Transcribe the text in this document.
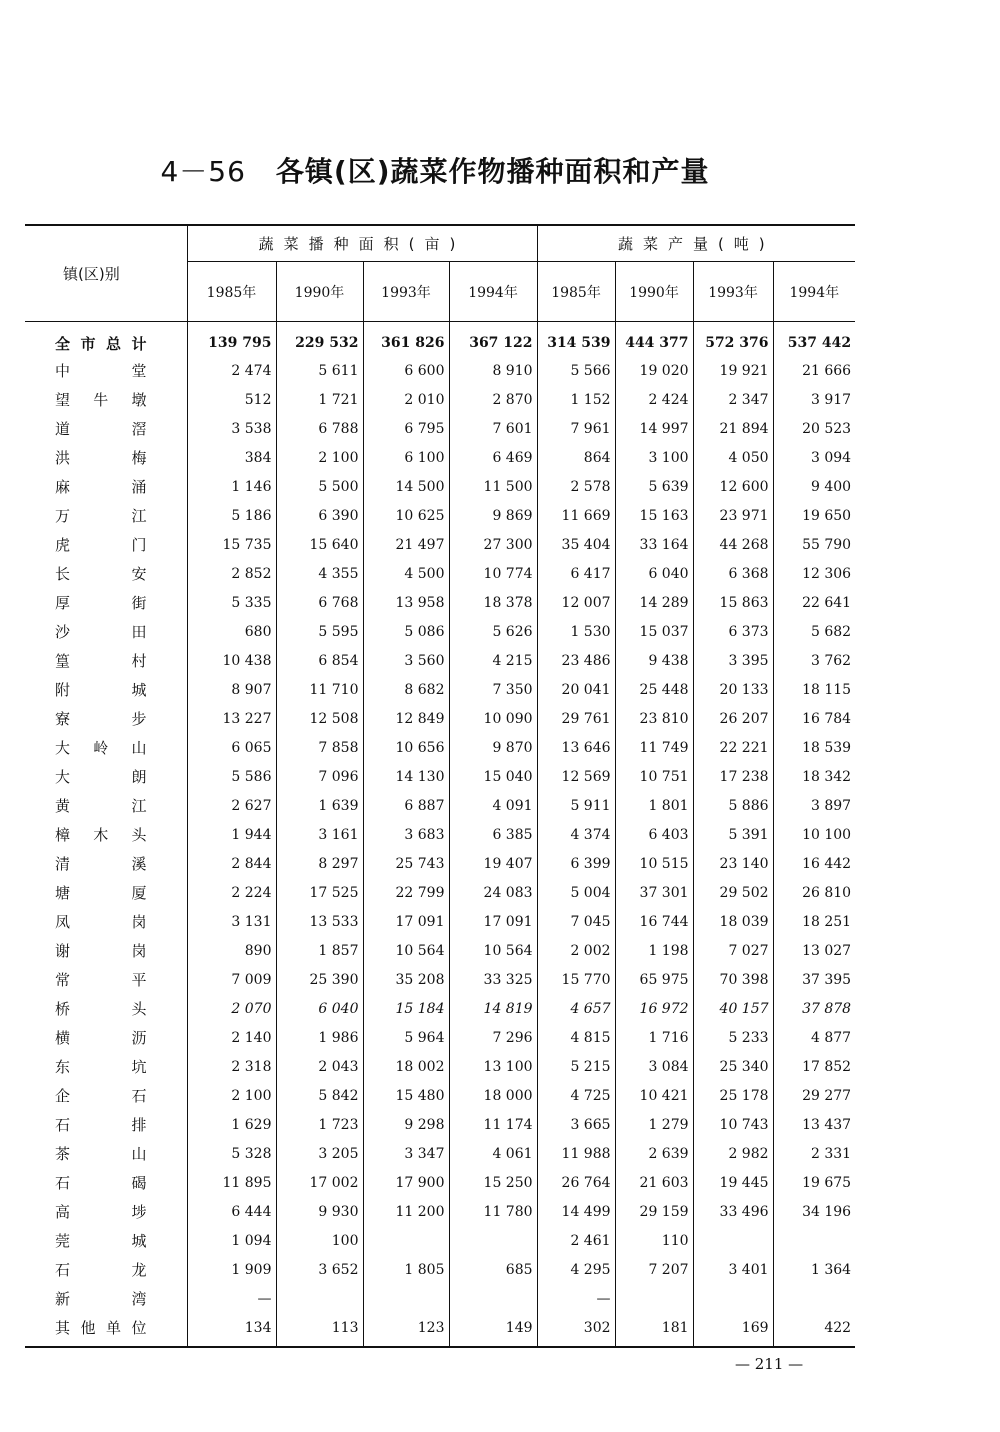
4－56 各镇(区)蔬菜作物播种面积和产量
镇(区)别	蔬菜播种面积(亩)				蔬菜产量(吨)			
	1985年	1990年	1993年	1994年	1985年	1990年	1993年	1994年
全市总计	139 795	229 532	361 826	367 122	314 539	444 377	572 376	537 442
中堂	2 474	5 611	6 600	8 910	5 566	19 020	19 921	21 666
望牛墩	512	1 721	2 010	2 870	1 152	2 424	2 347	3 917
道滘	3 538	6 788	6 795	7 601	7 961	14 997	21 894	20 523
洪梅	384	2 100	6 100	6 469	864	3 100	4 050	3 094
麻涌	1 146	5 500	14 500	11 500	2 578	5 639	12 600	9 400
万江	5 186	6 390	10 625	9 869	11 669	15 163	23 971	19 650
虎门	15 735	15 640	21 497	27 300	35 404	33 164	44 268	55 790
长安	2 852	4 355	4 500	10 774	6 417	6 040	6 368	12 306
厚街	5 335	6 768	13 958	18 378	12 007	14 289	15 863	22 641
沙田	680	5 595	5 086	5 626	1 530	15 037	6 373	5 682
篁村	10 438	6 854	3 560	4 215	23 486	9 438	3 395	3 762
附城	8 907	11 710	8 682	7 350	20 041	25 448	20 133	18 115
寮步	13 227	12 508	12 849	10 090	29 761	23 810	26 207	16 784
大岭山	6 065	7 858	10 656	9 870	13 646	11 749	22 221	18 539
大朗	5 586	7 096	14 130	15 040	12 569	10 751	17 238	18 342
黄江	2 627	1 639	6 887	4 091	5 911	1 801	5 886	3 897
樟木头	1 944	3 161	3 683	6 385	4 374	6 403	5 391	10 100
清溪	2 844	8 297	25 743	19 407	6 399	10 515	23 140	16 442
塘厦	2 224	17 525	22 799	24 083	5 004	37 301	29 502	26 810
凤岗	3 131	13 533	17 091	17 091	7 045	16 744	18 039	18 251
谢岗	890	1 857	10 564	10 564	2 002	1 198	7 027	13 027
常平	7 009	25 390	35 208	33 325	15 770	65 975	70 398	37 395
桥头	2 070	6 040	15 184	14 819	4 657	16 972	40 157	37 878
横沥	2 140	1 986	5 964	7 296	4 815	1 716	5 233	4 877
东坑	2 318	2 043	18 002	13 100	5 215	3 084	25 340	17 852
企石	2 100	5 842	15 480	18 000	4 725	10 421	25 178	29 277
石排	1 629	1 723	9 298	11 174	3 665	1 279	10 743	13 437
茶山	5 328	3 205	3 347	4 061	11 988	2 639	2 982	2 331
石碣	11 895	17 002	17 900	15 250	26 764	21 603	19 445	19 675
高埗	6 444	9 930	11 200	11 780	14 499	29 159	33 496	34 196
莞城	1 094	100			2 461	110		
石龙	1 909	3 652	1 805	685	4 295	7 207	3 401	1 364
新湾	—				—			
其他单位	134	113	123	149	302	181	169	422
— 211 —
